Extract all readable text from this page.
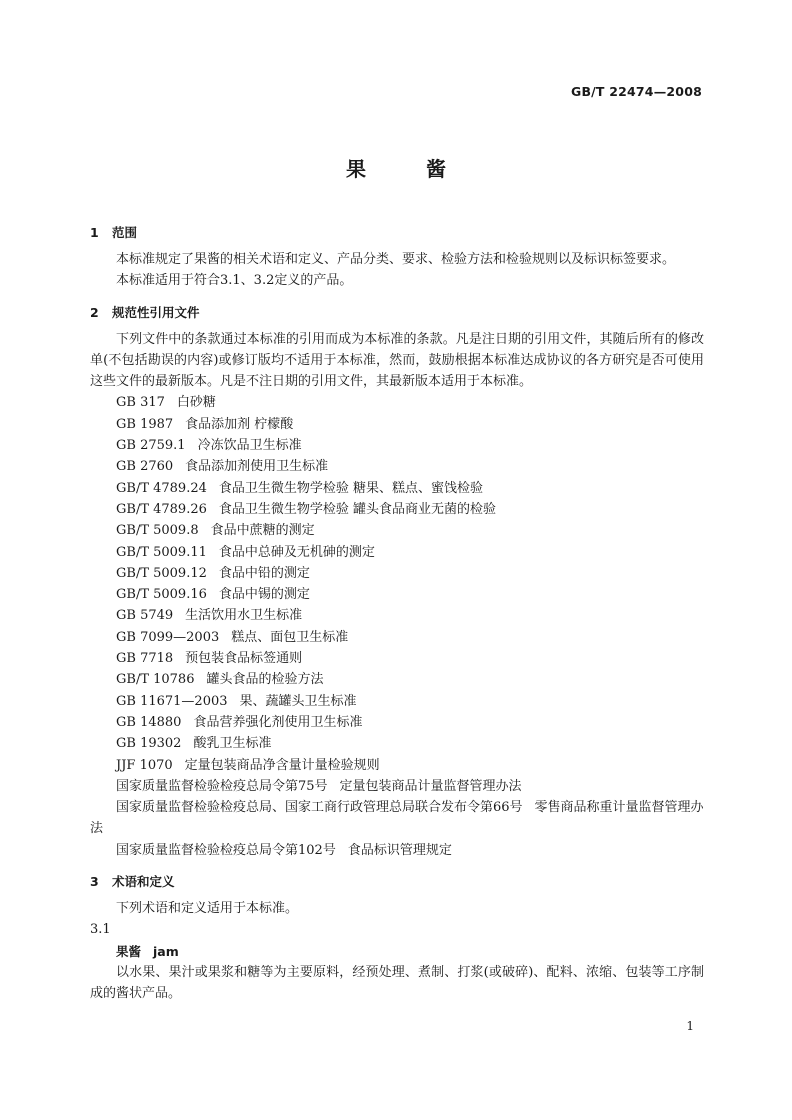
GB/T 22474—2008
果	酱
1 范围

本标准规定了果酱的相关术语和定义、产品分类、要求、检验方法和检验规则以及标识标签要求。

本标准适用于符合3.1、3.2定义的产品。

2 规范性引用文件

下列文件中的条款通过本标准的引用而成为本标准的条款。凡是注日期的引用文件，其随后所有的修改单(不包括勘误的内容)或修订版均不适用于本标准，然而，鼓励根据本标准达成协议的各方研究是否可使用这些文件的最新版本。凡是不注日期的引用文件，其最新版本适用于本标准。

GB 317 白砂糖

GB 1987 食品添加剂 柠檬酸

GB 2759.1 冷冻饮品卫生标准

GB 2760 食品添加剂使用卫生标准

GB/T 4789.24 食品卫生微生物学检验 糖果、糕点、蜜饯检验

GB/T 4789.26 食品卫生微生物学检验 罐头食品商业无菌的检验

GB/T 5009.8 食品中蔗糖的测定

GB/T 5009.11 食品中总砷及无机砷的测定

GB/T 5009.12 食品中铅的测定

GB/T 5009.16 食品中锡的测定

GB 5749 生活饮用水卫生标准

GB 7099—2003 糕点、面包卫生标准

GB 7718 预包装食品标签通则

GB/T 10786 罐头食品的检验方法

GB 11671—2003 果、蔬罐头卫生标准

GB 14880 食品营养强化剂使用卫生标准

GB 19302 酸乳卫生标准

JJF 1070 定量包装商品净含量计量检验规则

国家质量监督检验检疫总局令第75号 定量包装商品计量监督管理办法

国家质量监督检验检疫总局、国家工商行政管理总局联合发布令第66号 零售商品称重计量监督管理办法

国家质量监督检验检疫总局令第102号 食品标识管理规定

3 术语和定义

下列术语和定义适用于本标准。

3.1

果酱 jam

以水果、果汁或果浆和糖等为主要原料，经预处理、煮制、打浆(或破碎)、配料、浓缩、包装等工序制成的酱状产品。

1
